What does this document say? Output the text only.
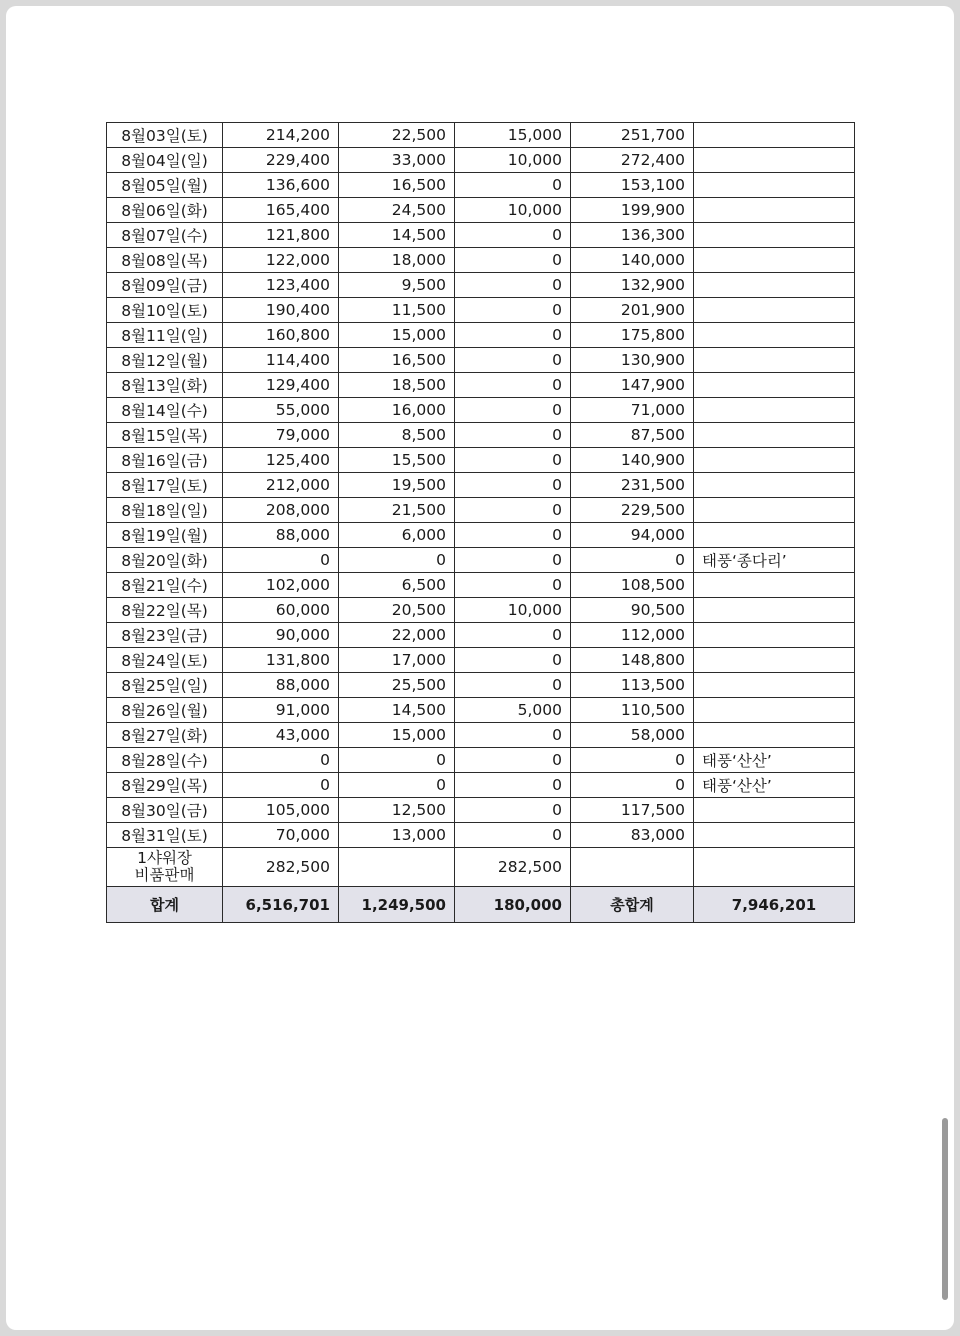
8월03일(토)	214,200	22,500	15,000	251,700	
8월04일(일)	229,400	33,000	10,000	272,400	
8월05일(월)	136,600	16,500	0	153,100	
8월06일(화)	165,400	24,500	10,000	199,900	
8월07일(수)	121,800	14,500	0	136,300	
8월08일(목)	122,000	18,000	0	140,000	
8월09일(금)	123,400	9,500	0	132,900	
8월10일(토)	190,400	11,500	0	201,900	
8월11일(일)	160,800	15,000	0	175,800	
8월12일(월)	114,400	16,500	0	130,900	
8월13일(화)	129,400	18,500	0	147,900	
8월14일(수)	55,000	16,000	0	71,000	
8월15일(목)	79,000	8,500	0	87,500	
8월16일(금)	125,400	15,500	0	140,900	
8월17일(토)	212,000	19,500	0	231,500	
8월18일(일)	208,000	21,500	0	229,500	
8월19일(월)	88,000	6,000	0	94,000	
8월20일(화)	0	0	0	0	태풍‘종다리’
8월21일(수)	102,000	6,500	0	108,500	
8월22일(목)	60,000	20,500	10,000	90,500	
8월23일(금)	90,000	22,000	0	112,000	
8월24일(토)	131,800	17,000	0	148,800	
8월25일(일)	88,000	25,500	0	113,500	
8월26일(월)	91,000	14,500	5,000	110,500	
8월27일(화)	43,000	15,000	0	58,000	
8월28일(수)	0	0	0	0	태풍‘산산’
8월29일(목)	0	0	0	0	태풍‘산산’
8월30일(금)	105,000	12,500	0	117,500	
8월31일(토)	70,000	13,000	0	83,000	

1샤워장
비품판매	282,500		282,500		
합계	6,516,701	1,249,500	180,000	총합계	7,946,201
